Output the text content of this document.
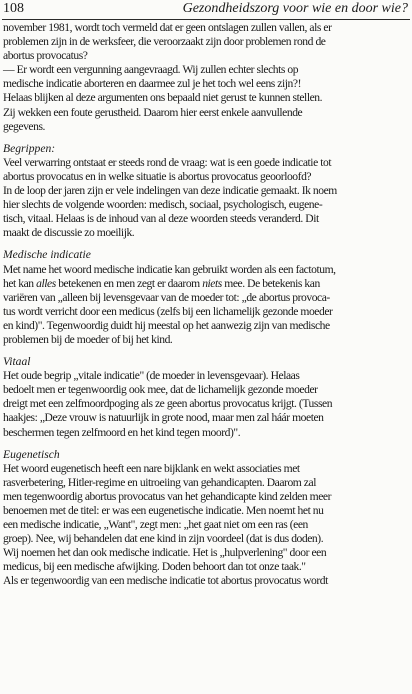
108	Gezondheidszorg voor wie en door wie?

november 1981, wordt toch vermeld dat er geen ontslagen zullen vallen, als er
problemen zijn in de werksfeer, die veroorzaakt zijn door problemen rond de
abortus provocatus?

— Er wordt een vergunning aangevraagd. Wij zullen echter slechts op
medische indicatie aborteren en daarmee zul je het toch wel eens zijn?!
Helaas blijken al deze argumenten ons bepaald niet gerust te kunnen stellen.
Zij wekken een foute gerustheid. Daarom hier eerst enkele aanvullende
gegevens.

Begrippen:

Veel verwarring ontstaat er steeds rond de vraag: wat is een goede indicatie tot
abortus provocatus en in welke situatie is abortus provocatus geoorloofd?
In de loop der jaren zijn er vele indelingen van deze indicatie gemaakt. Ik noem
hier slechts de volgende woorden: medisch, sociaal, psychologisch, eugene-
tisch, vitaal. Helaas is de inhoud van al deze woorden steeds veranderd. Dit
maakt de discussie zo moeilijk.

Medische indicatie

Met name het woord medische indicatie kan gebruikt worden als een factotum,
het kan alles betekenen en men zegt er daarom niets mee. De betekenis kan
variëren van „alleen bij levensgevaar van de moeder tot: „de abortus provoca-
tus wordt verricht door een medicus (zelfs bij een lichamelijk gezonde moeder
en kind)". Tegenwoordig duidt hij meestal op het aanwezig zijn van medische
problemen bij de moeder of bij het kind.

Vitaal

Het oude begrip „vitale indicatie" (de moeder in levensgevaar). Helaas
bedoelt men er tegenwoordig ook mee, dat de lichamelijk gezonde moeder
dreigt met een zelfmoordpoging als ze geen abortus provocatus krijgt. (Tussen
haakjes: „Deze vrouw is natuurlijk in grote nood, maar men zal háár moeten
beschermen tegen zelfmoord en het kind tegen moord)".

Eugenetisch

Het woord eugenetisch heeft een nare bijklank en wekt associaties met
rasverbetering, Hitler-regime en uitroeiing van gehandicapten. Daarom zal
men tegenwoordig abortus provocatus van het gehandicapte kind zelden meer
benoemen met de titel: er was een eugenetische indicatie. Men noemt het nu
een medische indicatie, „Want", zegt men: „het gaat niet om een ras (een
groep). Nee, wij behandelen dat ene kind in zijn voordeel (dat is dus doden).
Wij noemen het dan ook medische indicatie. Het is „hulpverlening" door een
medicus, bij een medische afwijking. Doden behoort dan tot onze taak."
Als er tegenwoordig van een medische indicatie tot abortus provocatus wordt
